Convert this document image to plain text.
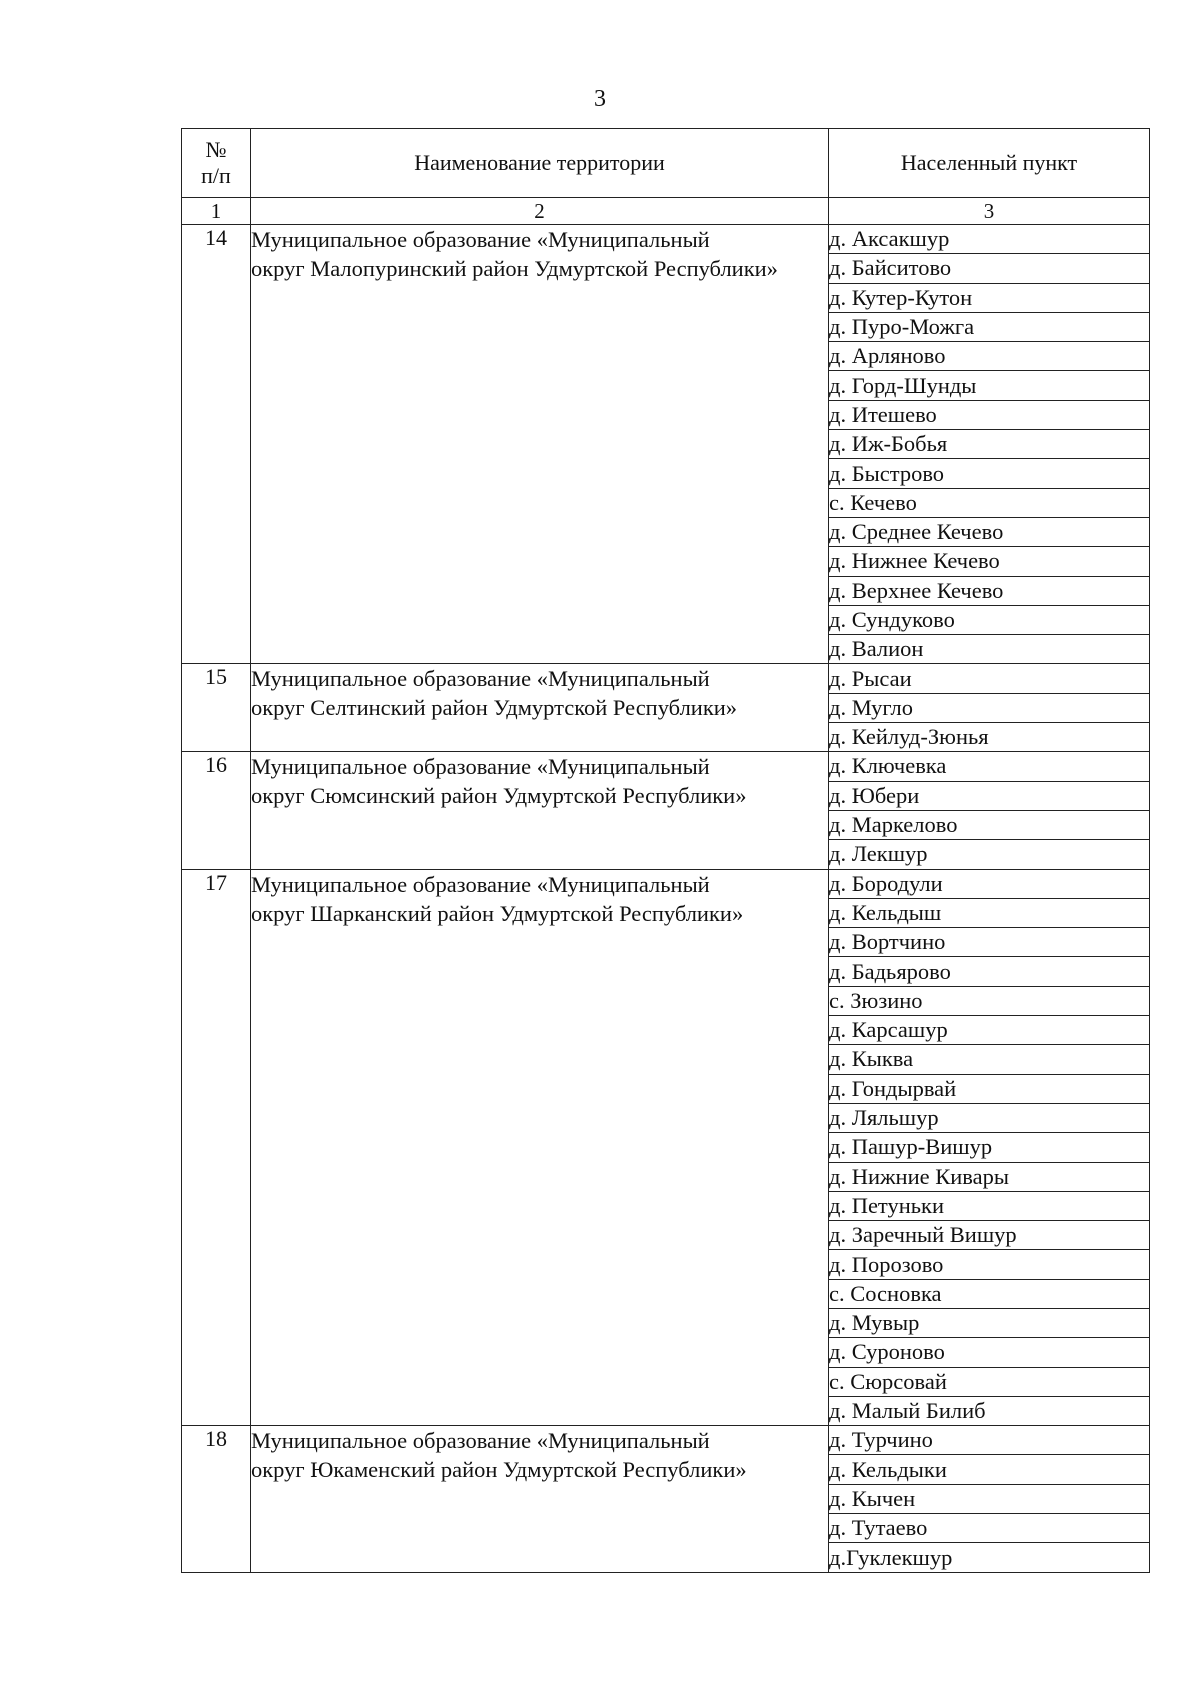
3
№
п/п	Наименование территории	Населенный пункт
1	2	3
14	Муниципальное образование «Муниципальный
округ Малопуринский район Удмуртской Республики»	д. Аксакшур
		д. Байситово
		д. Кутер-Кутон
		д. Пуро-Можга
		д. Арляново
		д. Горд-Шунды
		д. Итешево
		д. Иж-Бобья
		д. Быстрово
		с. Кечево
		д. Среднее Кечево
		д. Нижнее Кечево
		д. Верхнее Кечево
		д. Сундуково
		д. Валион
15	Муниципальное образование «Муниципальный
округ Селтинский район Удмуртской Республики»	д. Рысаи
		д. Мугло
		д. Кейлуд-Зюнья
16	Муниципальное образование «Муниципальный
округ Сюмсинский район Удмуртской Республики»	д. Ключевка
		д. Юбери
		д. Маркелово
		д. Лекшур
17	Муниципальное образование «Муниципальный
округ Шарканский район Удмуртской Республики»	д. Бородули
		д. Кельдыш
		д. Вортчино
		д. Бадьярово
		с. Зюзино
		д. Карсашур
		д. Кыква
		д. Гондырвай
		д. Ляльшур
		д. Пашур-Вишур
		д. Нижние Кивары
		д. Петуньки
		д. Заречный Вишур
		д. Порозово
		с. Сосновка
		д. Мувыр
		д. Суроново
		с. Сюрсовай
		д. Малый Билиб
18	Муниципальное образование «Муниципальный
округ Юкаменский район Удмуртской Республики»	д. Турчино
		д. Кельдыки
		д. Кычен
		д. Тутаево
		д.Гуклекшур
